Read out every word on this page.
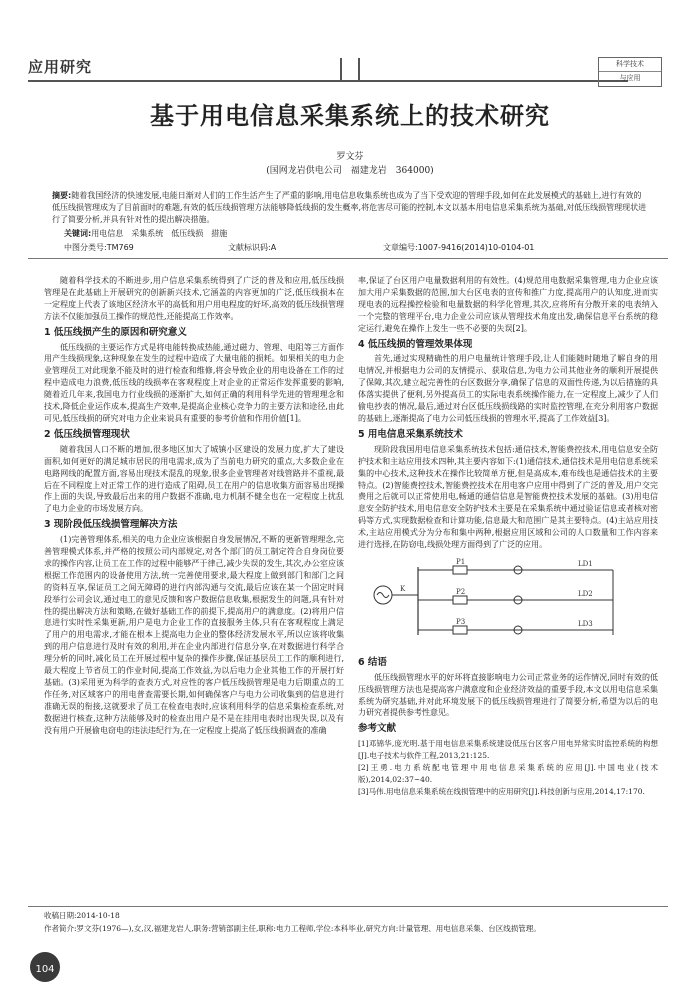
应用研究	科学技术
与应用
基于用电信息采集系统上的技术研究
罗文芬
(国网龙岩供电公司　福建龙岩　364000)
摘要:随着我国经济的快速发展,电能日渐对人们的工作生活产生了严重的影响,用电信息收集系统也成为了当下受欢迎的管理手段,如何在此发展模式的基础上,进行有效的低压线损管理成为了目前面时的难题,有效的低压线损管理方法能够降低线损的发生概率,将危害尽可能的控制,本文以基本用电信息采集系统为基础,对低压线损管理现状进行了简要分析,并具有针对性的提出解决措施。
关键词:用电信息　采集系统　低压线损　措施
中图分类号:TM769	文献标识码:A	文章编号:1007-9416(2014)10-0104-01

随着科学技术的不断进步,用户信息采集系统得到了广泛的普及和应用,低压线损管理是在此基础上开展研究的创新新兴技术,它涵盖的内容更加的广泛,低压线损本在一定程度上代表了该地区经济水平的高低和用户用电程度的好坏,高效的低压线损管理方法不仅能加强员工操作的规范性,还能提高工作效率。

1 低压线损产生的原因和研究意义

低压线损的主要运作方式是将电能转换成热能,通过磁力、管理、电阻等三方面作用产生线损现象,这种现象在发生的过程中造成了大量电能的损耗。如果相关的电力企业管理员工对此现象不能及时的进行检查和维修,将会导致企业的用电设备在工作的过程中造成电力浪费,低压线的线损率在客观程度上对企业的正常运作发挥重要的影响,随着近几年来,我国电力行业线损的逐渐扩大,如何正确的利用科学先进的管理理念和技术,降低企业运作成本,提高生产效率,是提高企业核心竞争力的主要方法和途径,由此可见,低压线损的研究对电力企业来说具有重要的参考价值和作用价值[1]。

2 低压线损管理现状

随着我国人口不断的增加,很多地区加大了城镇小区建设的发展力度,扩大了建设面积,如何更好的满足城市居民的用电需求,成为了当前电力研究的重点,大多数企业在电路网线的配置方面,容易出现技术混乱的现象,很多企业管理者对线管路并不重视,最后在不同程度上对正常工作的进行造成了阻碍,员工在用户的信息收集方面容易出现操作上面的失误,导致最后出来的用户数据不准确,电力机制不健全也在一定程度上扰乱了电力企业的市场发展方向。

3 现阶段低压线损管理解决方法

(1)完善管理体系,相关的电力企业应该根据自身发展情况,不断的更新管理理念,完善管理模式体系,并严格的按照公司内部规定,对各个部门的员工制定符合自身岗位要求的操作内容,让员工在工作的过程中能够严于律己,减少失误的发生,其次,办公室应该根据工作范围内的设备使用方法,统一完善使用要求,最大程度上做到部门和部门之间的资料互享,保证员工之间无障碍的进行内部沟通与交流,最后应该在某一个固定时间段举行公司会议,通过电工的意见反馈和客户数据信息收集,根据发生的问题,具有针对性的提出解决方法和策略,在做好基础工作的前提下,提高用户的满意度。(2)将用户信息进行实时性采集更新,用户是电力企业工作的直接服务主体,只有在客观程度上满足了用户的用电需求,才能在根本上提高电力企业的整体经济发展水平,所以应该将收集到的用户信息进行及时有效的利用,并在企业内部进行信息分享,在对数据进行科学合理分析的同时,减化员工在开展过程中复杂的操作步骤,保证基层员工工作的顺利进行,最大程度上节省员工的作业时间,提高工作效益,为以后电力企业其他工作的开展打好基础。(3)采用更为科学的查表方式,对应性的客户低压线损管理是电力后期重点的工作任务,对区域客户的用电普查需要长期,如何确保客户与电力公司收集到的信息进行准确无误的衔接,这就要求了员工在检查电表时,应该利用科学的信息采集检查系统,对数据进行核查,这种方法能够及时的检查出用户是不是在挂用电表时出现失误,以及有没有用户开展偷电窃电的违法违纪行为,在一定程度上提高了低压线损调查的准确

率,保证了台区用户电量数据利用的有效性。(4)规范用电数据采集管理,电力企业应该加大用户采集数据的范围,加大台区电表的宣传和推广力度,提高用户的认知度,进而实现电表的远程操控检验和电量数据的科学化管理,其次,应将所有分散开来的电表纳入一个完整的管理平台,电力企业公司应该从管理技术角度出发,确保信息平台系统的稳定运行,避免在操作上发生一些不必要的失误[2]。

4 低压线损的管理效果体现

首先,通过实现精确性的用户电量统计管理手段,让人们能随时随地了解自身的用电情况,并根据电力公司的友情提示、获取信息,为电力公司其他业务的顺利开展提供了保障,其次,建立起完善性的台区数据分享,确保了信息的双面性传递,为以后措施的具体落实提供了便利,另外提高员工的实际电表系统操作能力,在一定程度上,减少了人们偷电抄表的情况,最后,通过对台区低压线损线路的实时监控管理,在充分利用客户数据的基础上,逐渐提高了电力公司低压线损的管理水平,提高了工作效益[3]。

5 用电信息采集系统技术

现阶段我国用电信息采集系统技术包括:通信技术,智能费控技术,用电信息安全防护技术和主站应用技术四种,其主要内容如下:(1)通信技术,通信技术是用电信息系统采集的中心技术,这种技术在操作比较简单方便,但是高成本,难布线也是通信技术的主要特点。(2)智能费控技术,智能费控技术在用电客户应用中得到了广泛的普及,用户交完费用之后就可以正常使用电,畅通的通信信息是智能费控技术发展的基础。(3)用电信息安全防护技术,用电信息安全防护技术主要是在采集系统中通过验证信息或者核对密码等方式,实现数据检查和计算功能,信息最大和范围广是其主要特点。(4)主站应用技术,主站应用模式分为分布和集中两种,根据应用区域和公司的人口数量和工作内容来进行选择,在防窃电,线损处理方面得到了广泛的应用。

P1
P2
P3
LD1
LD2
LD3
K
6 结语

低压线损管理水平的好坏将直接影响电力公司正常业务的运作情况,同时有效的低压线损管理方法也是提高客户满意度和企业经济效益的重要手段,本文以用电信息采集系统为研究基础,并对此环境发展下的低压线损管理进行了简要分析,希望为以后的电力研究者提供参考性意见。

参考文献

[1]邓锦华,庞光明.基于用电信息采集系统建设低压台区客户用电异常实时监控系统的构想[J].电子技术与软件工程,2013,21:125.

[2]王勇.电力系统配电管理中用电信息采集系统的应用[J].中国电业(技术版),2014,02:37~40.

[3]马伟.用电信息采集系统在线损管理中的应用研究[J].科技创新与应用,2014,17:170.

收稿日期:2014-10-18
作者简介:罗文芬(1976—),女,汉,福建龙岩人,职务:营销部副主任,职称:电力工程师,学位:本科毕业,研究方向:计量管理、用电信息采集、台区线损管理。
104
